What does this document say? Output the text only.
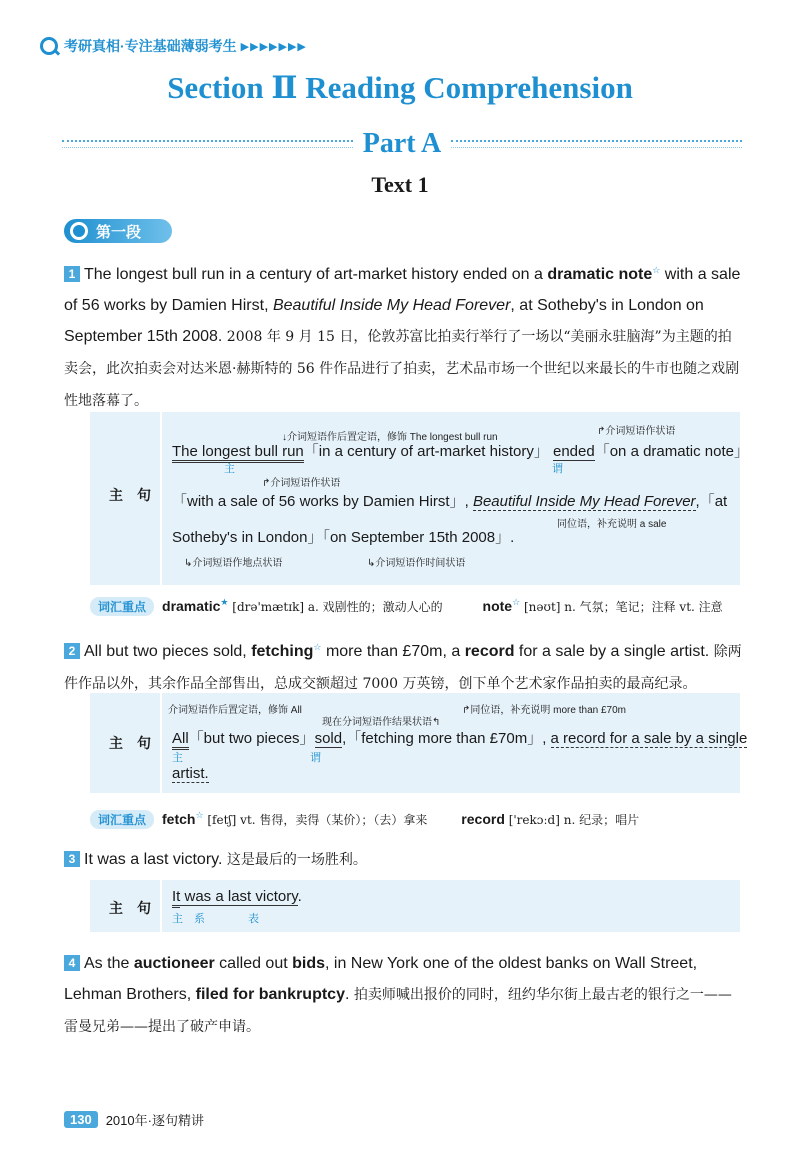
考研真相·专注基础薄弱考生 ▶▶▶▶▶▶▶
Section Ⅱ Reading Comprehension
Part A
Text 1
第一段
1 The longest bull run in a century of art-market history ended on a dramatic note☆ with a sale of 56 works by Damien Hirst, Beautiful Inside My Head Forever, at Sotheby's in London on September 15th 2008. 2008 年 9 月 15 日，伦敦苏富比拍卖行举行了一场以“美丽永驻脑海”为主题的拍卖会，此次拍卖会对达米恩·赫斯特的 56 件作品进行了拍卖，艺术品市场一个世纪以来最长的牛市也随之戏剧性地落幕了。
主　句
↓介词短语作后置定语，修饰 The longest bull run
↱介词短语作状语
The longest bull run「in a century of art-market history」 ended「on a dramatic note」
主	谓
↱介词短语作状语
「with a sale of 56 works by Damien Hirst」, Beautiful Inside My Head Forever,「at
同位语，补充说明 a sale
Sotheby's in London」「on September 15th 2008」.
↳介词短语作地点状语	↳介词短语作时间状语
词汇重点 dramatic★ [drə'mætɪk] a. 戏剧性的；激动人心的	note☆ [nəʊt] n. 气氛；笔记；注释 vt. 注意
2 All but two pieces sold, fetching☆ more than £70m, a record for a sale by a single artist. 除两件作品以外，其余作品全部售出，总成交额超过 7000 万英镑，创下单个艺术家作品拍卖的最高纪录。
主　句
介词短语作后置定语，修饰 All
现在分词短语作结果状语↰
↱同位语，补充说明 more than £70m
All「but two pieces」sold,「fetching more than £70m」, a record for a sale by a single
主	谓
artist.
词汇重点 fetch☆ [fetʃ] vt. 售得，卖得（某价）；（去）拿来 record ['rekɔːd] n. 纪录；唱片
3 It was a last victory. 这是最后的一场胜利。
主　句
It was a last victory.
主 系	表
4 As the auctioneer called out bids, in New York one of the oldest banks on Wall Street, Lehman Brothers, filed for bankruptcy. 拍卖师喊出报价的同时，纽约华尔街上最古老的银行之一——雷曼兄弟——提出了破产申请。
130	2010年·逐句精讲
